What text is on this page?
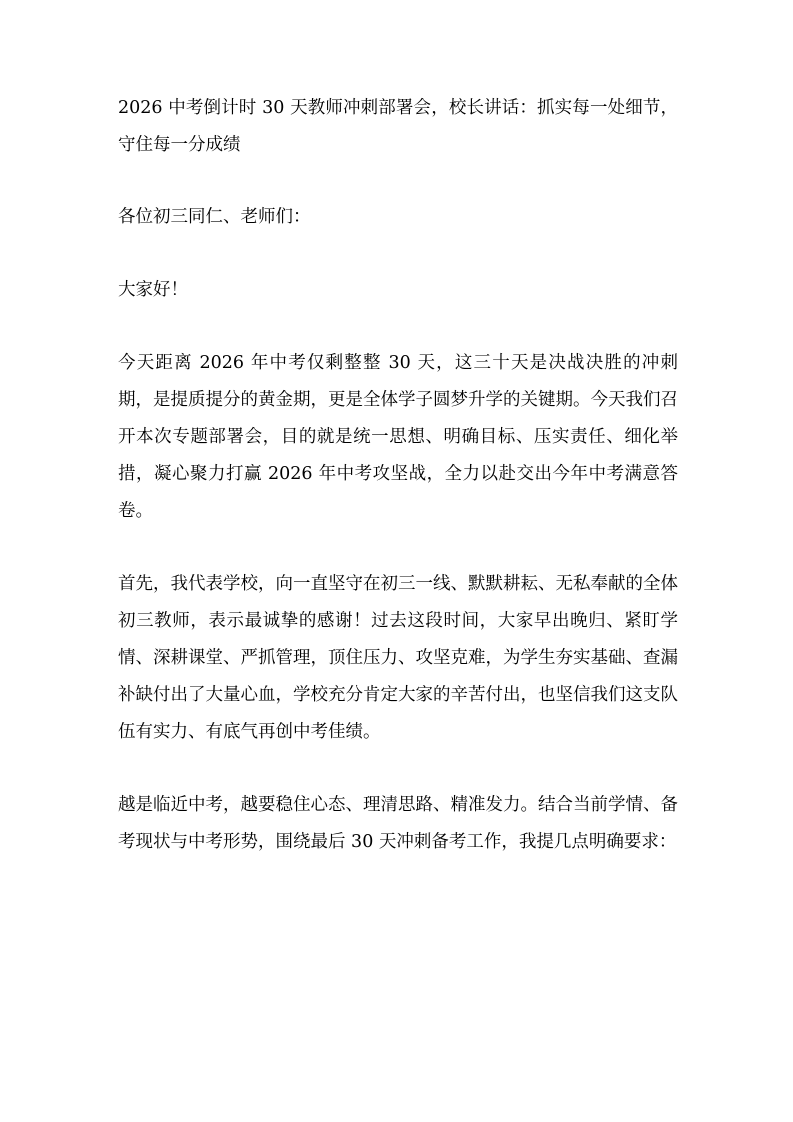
2026 中考倒计时 30 天教师冲刺部署会，校长讲话：抓实每一处细节，守住每一分成绩

各位初三同仁、老师们：

大家好！

今天距离 2026 年中考仅剩整整 30 天，这三十天是决战决胜的冲刺期，是提质提分的黄金期，更是全体学子圆梦升学的关键期。今天我们召开本次专题部署会，目的就是统一思想、明确目标、压实责任、细化举措，凝心聚力打赢 2026 年中考攻坚战，全力以赴交出今年中考满意答卷。

首先，我代表学校，向一直坚守在初三一线、默默耕耘、无私奉献的全体初三教师，表示最诚挚的感谢！过去这段时间，大家早出晚归、紧盯学情、深耕课堂、严抓管理，顶住压力、攻坚克难，为学生夯实基础、查漏补缺付出了大量心血，学校充分肯定大家的辛苦付出，也坚信我们这支队伍有实力、有底气再创中考佳绩。

越是临近中考，越要稳住心态、理清思路、精准发力。结合当前学情、备考现状与中考形势，围绕最后 30 天冲刺备考工作，我提几点明确要求：
